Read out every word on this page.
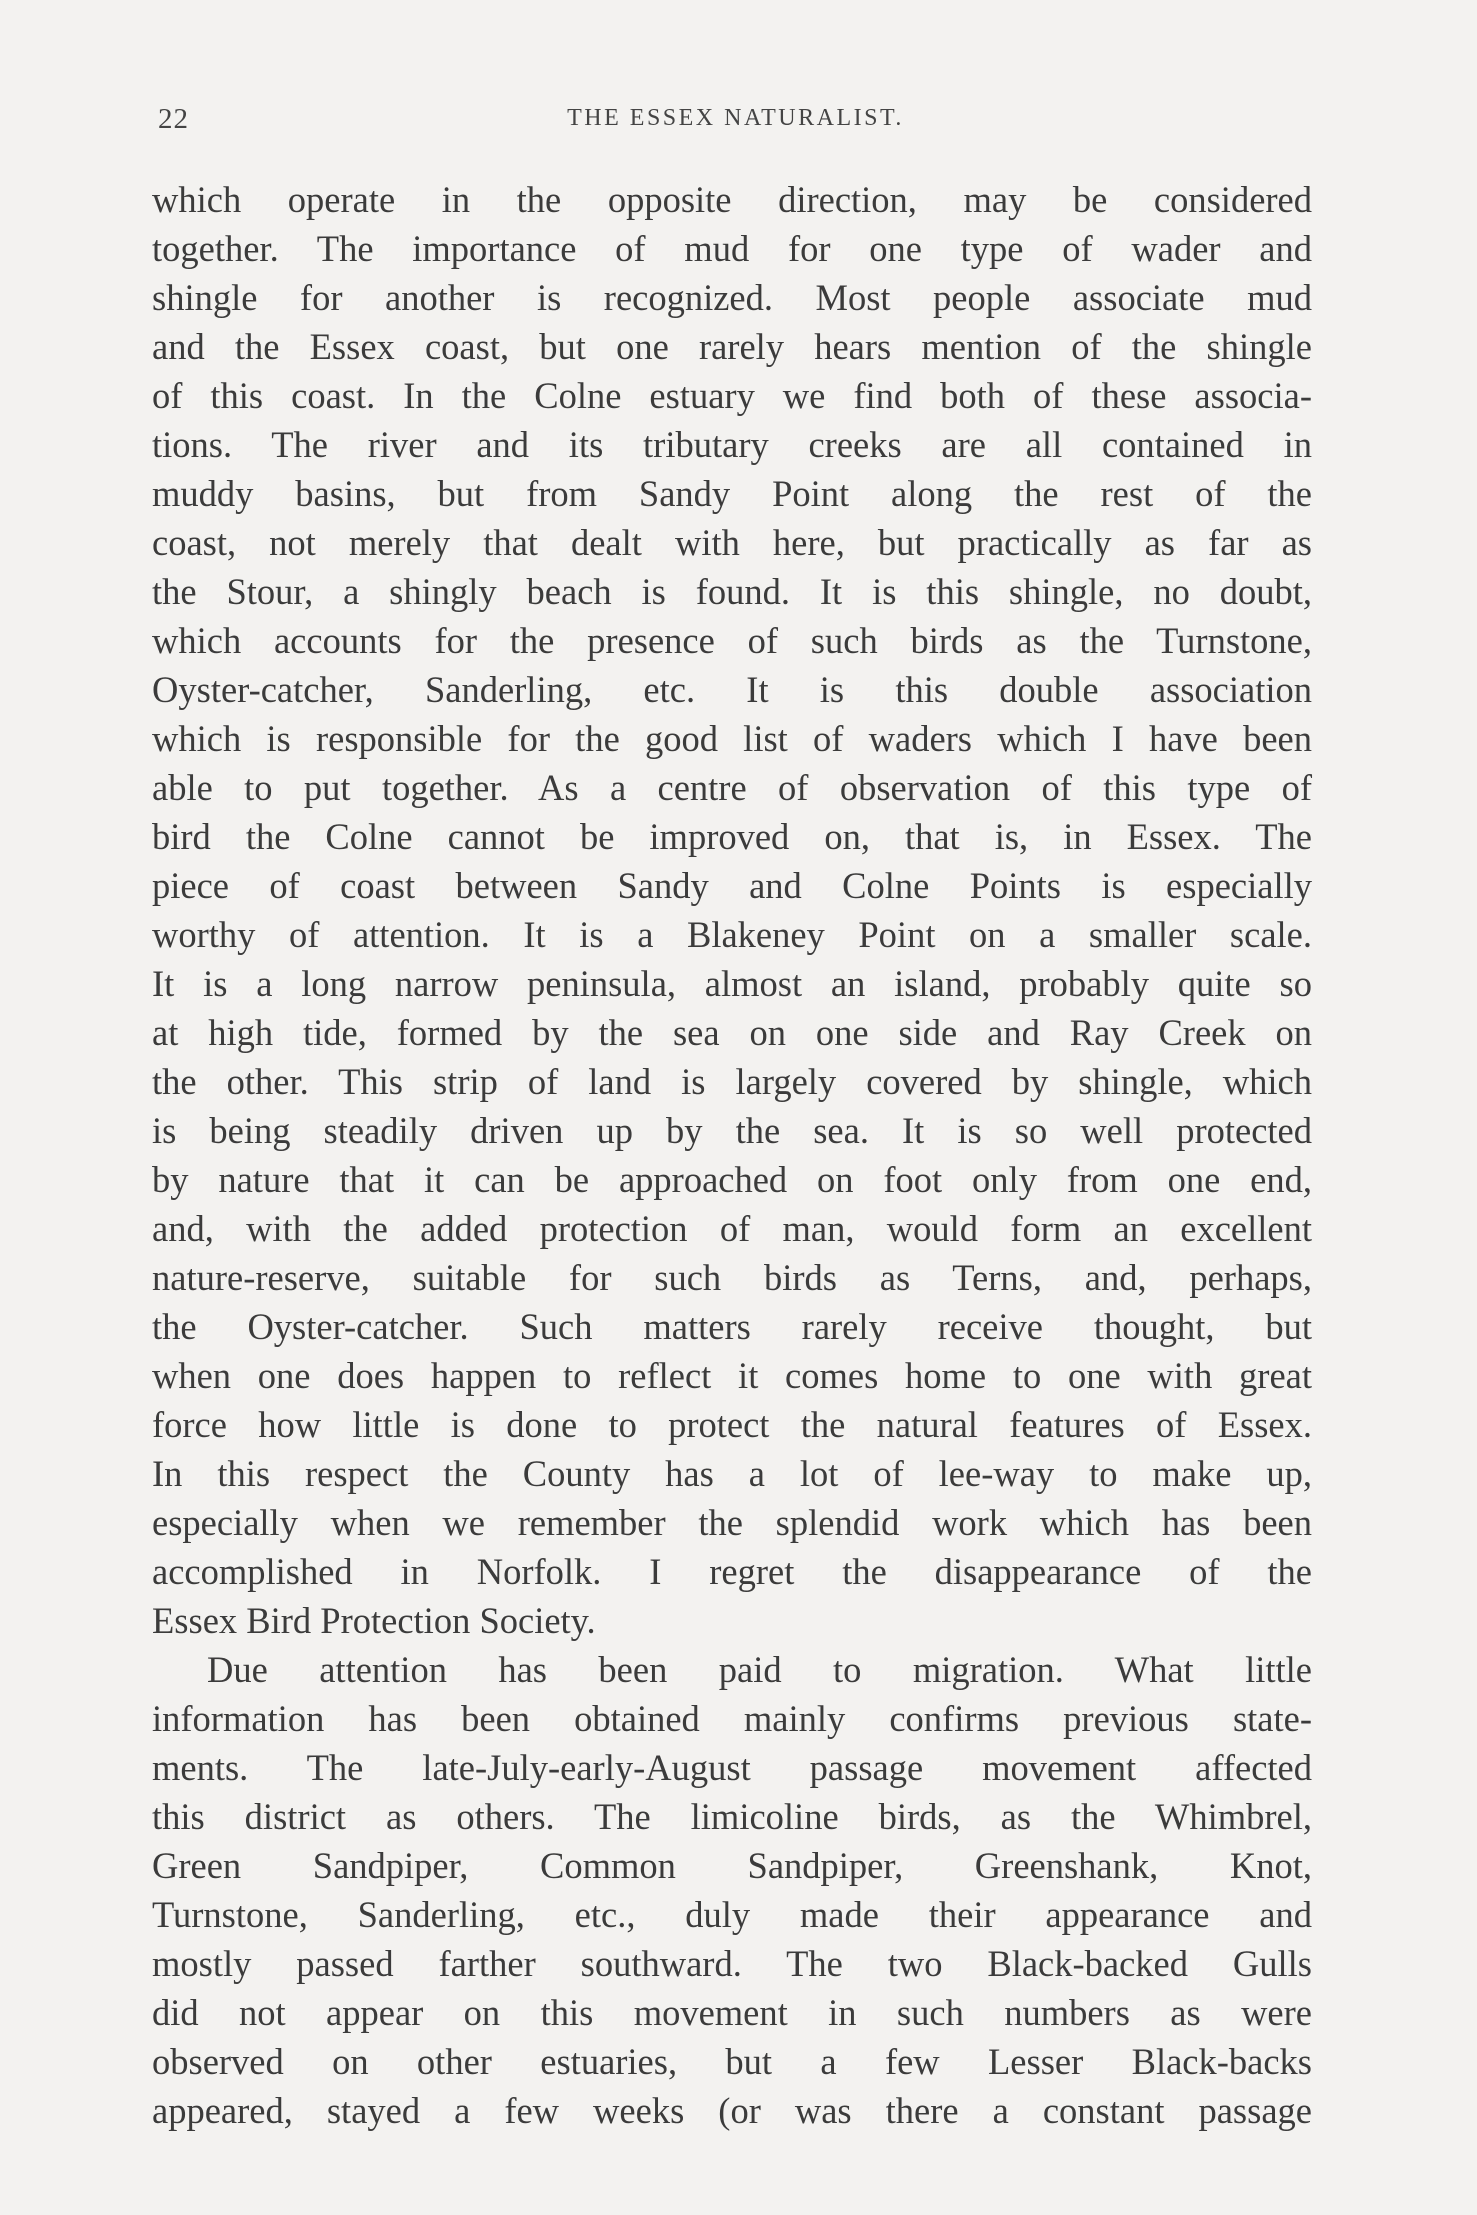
22	THE ESSEX NATURALIST.
which operate in the opposite direction, may be considered
together. The importance of mud for one type of wader and
shingle for another is recognized. Most people associate mud
and the Essex coast, but one rarely hears mention of the shingle
of this coast. In the Colne estuary we find both of these associa-
tions. The river and its tributary creeks are all contained in
muddy basins, but from Sandy Point along the rest of the
coast, not merely that dealt with here, but practically as far as
the Stour, a shingly beach is found. It is this shingle, no doubt,
which accounts for the presence of such birds as the Turnstone,
Oyster-catcher, Sanderling, etc. It is this double association
which is responsible for the good list of waders which I have been
able to put together. As a centre of observation of this type of
bird the Colne cannot be improved on, that is, in Essex. The
piece of coast between Sandy and Colne Points is especially
worthy of attention. It is a Blakeney Point on a smaller scale.
It is a long narrow peninsula, almost an island, probably quite so
at high tide, formed by the sea on one side and Ray Creek on
the other. This strip of land is largely covered by shingle, which
is being steadily driven up by the sea. It is so well protected
by nature that it can be approached on foot only from one end,
and, with the added protection of man, would form an excellent
nature-reserve, suitable for such birds as Terns, and, perhaps,
the Oyster-catcher. Such matters rarely receive thought, but
when one does happen to reflect it comes home to one with great
force how little is done to protect the natural features of Essex.
In this respect the County has a lot of lee-way to make up,
especially when we remember the splendid work which has been
accomplished in Norfolk. I regret the disappearance of the
Essex Bird Protection Society.
Due attention has been paid to migration. What little
information has been obtained mainly confirms previous state-
ments. The late-July-early-August passage movement affected
this district as others. The limicoline birds, as the Whimbrel,
Green Sandpiper, Common Sandpiper, Greenshank, Knot,
Turnstone, Sanderling, etc., duly made their appearance and
mostly passed farther southward. The two Black-backed Gulls
did not appear on this movement in such numbers as were
observed on other estuaries, but a few Lesser Black-backs
appeared, stayed a few weeks (or was there a constant passage
